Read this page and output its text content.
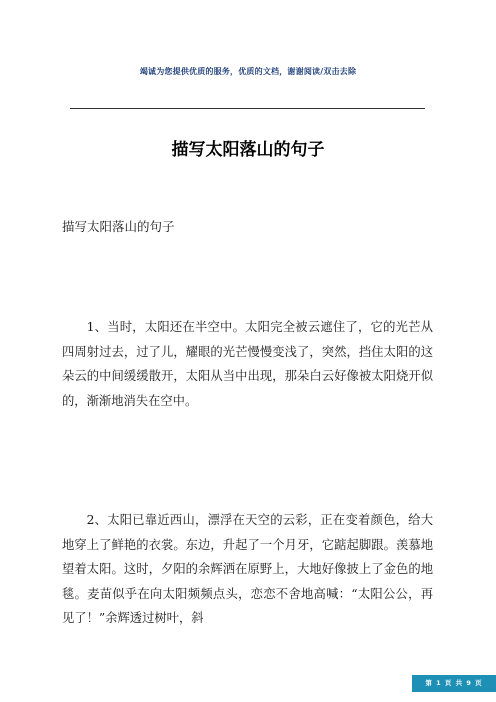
竭诚为您提供优质的服务，优质的文档，谢谢阅读/双击去除
描写太阳落山的句子
描写太阳落山的句子

1、当时，太阳还在半空中。太阳完全被云遮住了，它的光芒从四周射过去，过了儿，耀眼的光芒慢慢变浅了，突然，挡住太阳的这朵云的中间缓缓散开，太阳从当中出现，那朵白云好像被太阳烧开似的，渐渐地消失在空中。

2、太阳已靠近西山，漂浮在天空的云彩，正在变着颜色，给大地穿上了鲜艳的衣裳。东边，升起了一个月牙，它踮起脚跟。羡慕地望着太阳。这时，夕阳的余辉洒在原野上，大地好像披上了金色的地毯。麦苗似乎在向太阳频频点头，恋恋不舍地高喊：“太阳公公，再见了！”余辉透过树叶，斜

第 1 页 共 9 页
